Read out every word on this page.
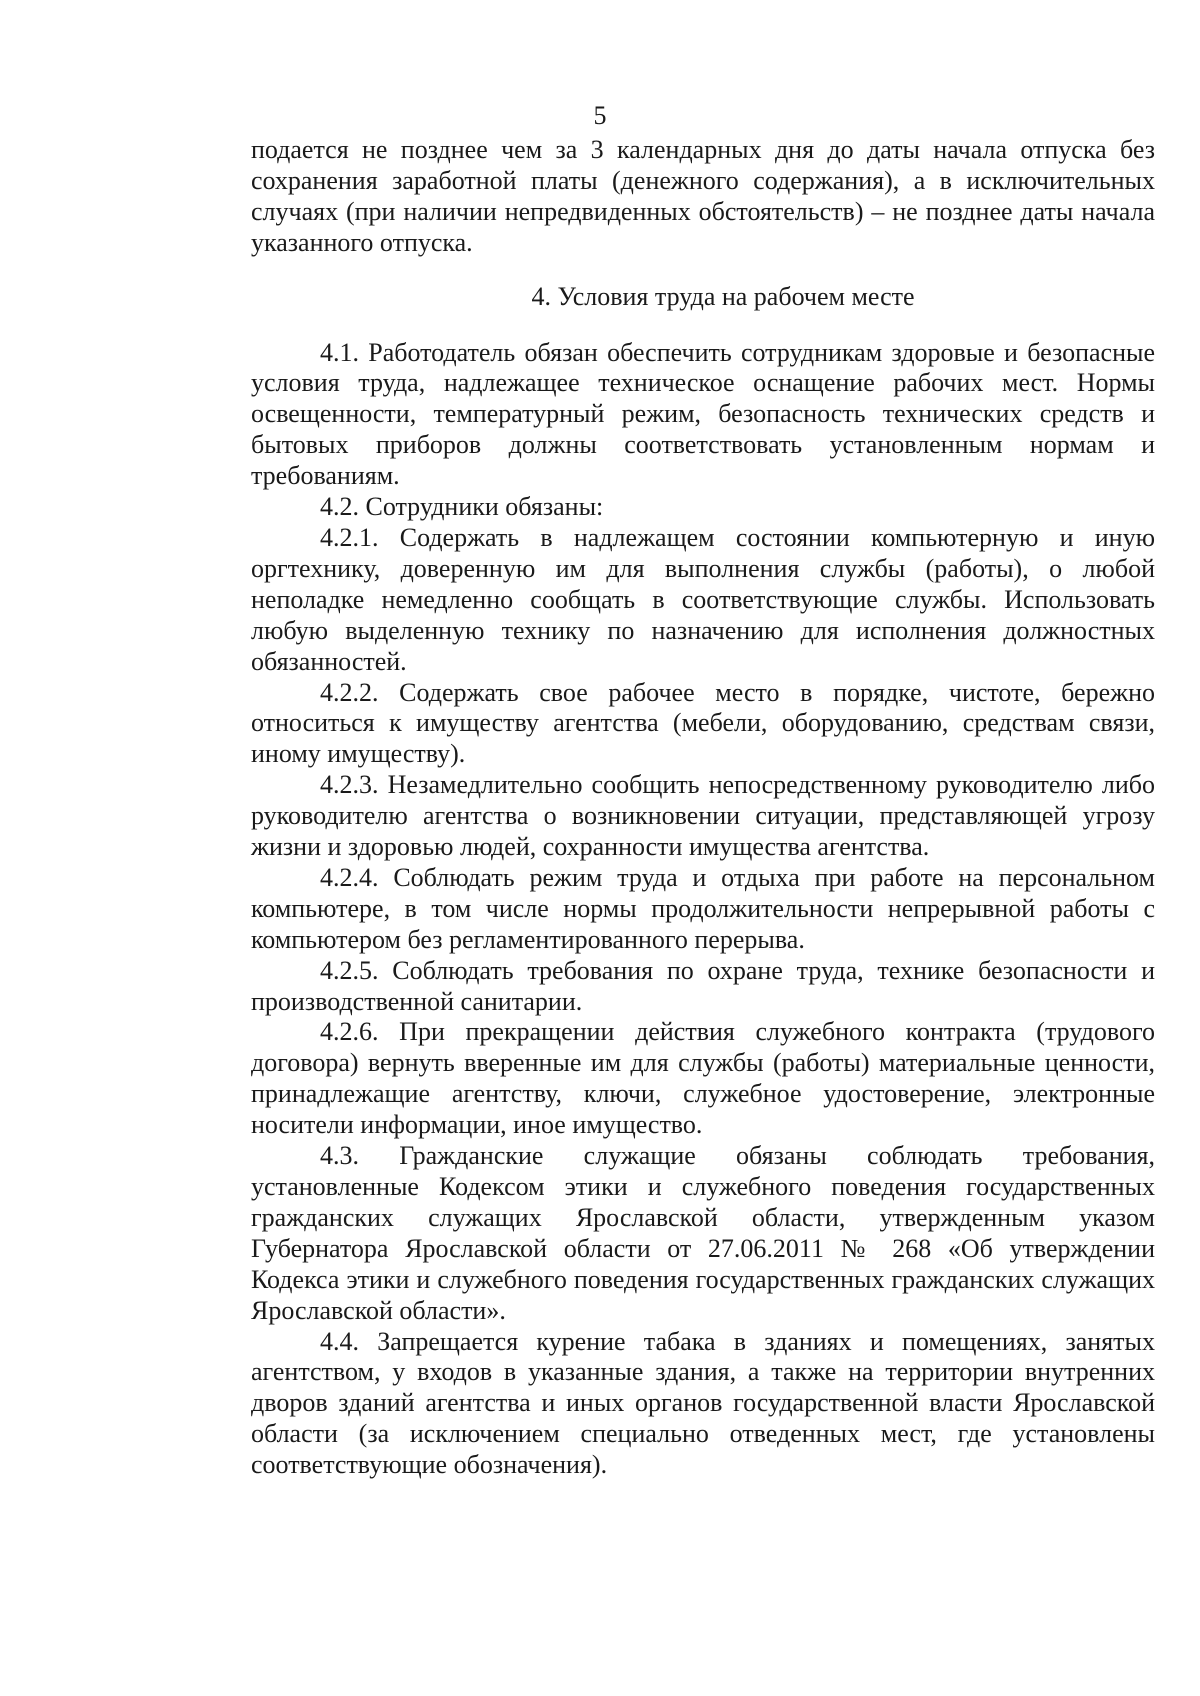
5

подается не позднее чем за 3 календарных дня до даты начала отпуска без сохранения заработной платы (денежного содержания), а в исключительных случаях (при наличии непредвиденных обстоятельств) – не позднее даты начала указанного отпуска.

4. Условия труда на рабочем месте

4.1. Работодатель обязан обеспечить сотрудникам здоровые и безопасные условия труда, надлежащее техническое оснащение рабочих мест. Нормы освещенности, температурный режим, безопасность технических средств и бытовых приборов должны соответствовать установленным нормам и требованиям.

4.2. Сотрудники обязаны:

4.2.1. Содержать в надлежащем состоянии компьютерную и иную оргтехнику, доверенную им для выполнения службы (работы), о любой неполадке немедленно сообщать в соответствующие службы. Использовать любую выделенную технику по назначению для исполнения должностных обязанностей.

4.2.2. Содержать свое рабочее место в порядке, чистоте, бережно относиться к имуществу агентства (мебели, оборудованию, средствам связи, иному имуществу).

4.2.3. Незамедлительно сообщить непосредственному руководителю либо руководителю агентства о возникновении ситуации, представляющей угрозу жизни и здоровью людей, сохранности имущества агентства.

4.2.4. Соблюдать режим труда и отдыха при работе на персональном компьютере, в том числе нормы продолжительности непрерывной работы с компьютером без регламентированного перерыва.

4.2.5. Соблюдать требования по охране труда, технике безопасности и производственной санитарии.

4.2.6. При прекращении действия служебного контракта (трудового договора) вернуть вверенные им для службы (работы) материальные ценности, принадлежащие агентству, ключи, служебное удостоверение, электронные носители информации, иное имущество.

4.3. Гражданские служащие обязаны соблюдать требования, установленные Кодексом этики и служебного поведения государственных гражданских служащих Ярославской области, утвержденным указом Губернатора Ярославской области от 27.06.2011 № 268 «Об утверждении Кодекса этики и служебного поведения государственных гражданских служащих Ярославской области».

4.4. Запрещается курение табака в зданиях и помещениях, занятых агентством, у входов в указанные здания, а также на территории внутренних дворов зданий агентства и иных органов государственной власти Ярославской области (за исключением специально отведенных мест, где установлены соответствующие обозначения).
